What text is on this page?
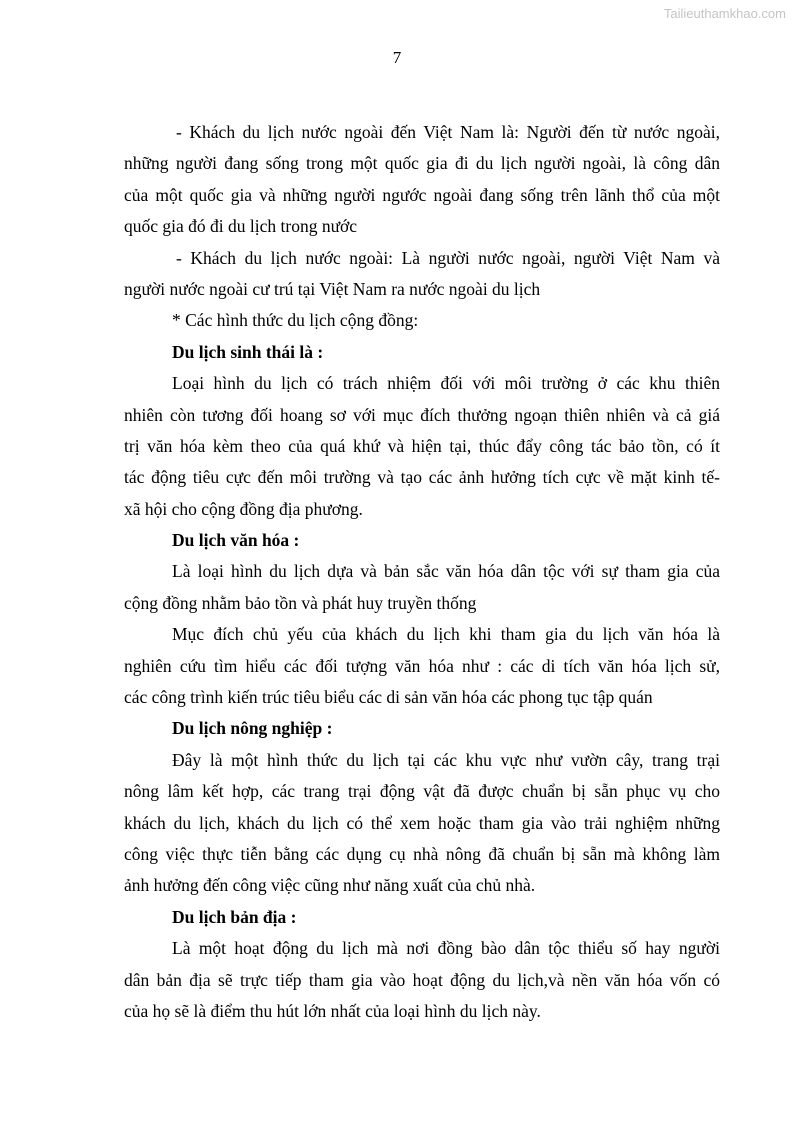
Tailieuthamkhao.com
7
- Khách du lịch nước ngoài đến Việt Nam là: Người đến từ nước ngoài,
những người đang sống trong một quốc gia đi du lịch người ngoài, là công dân
của một quốc gia và những người ngước ngoài đang sống trên lãnh thổ của một
quốc gia đó đi du lịch trong nước
- Khách du lịch nước ngoài: Là người nước ngoài, người Việt Nam và
người nước ngoài cư trú tại Việt Nam ra nước ngoài du lịch
* Các hình thức du lịch cộng đồng:
Du lịch sinh thái là :
Loại hình du lịch có trách nhiệm đối với môi trường ở các khu thiên
nhiên còn tương đối hoang sơ với mục đích thưởng ngoạn thiên nhiên và cả giá
trị văn hóa kèm theo của quá khứ và hiện tại, thúc đẩy công tác bảo tồn, có ít
tác động tiêu cực đến môi trường và tạo các ảnh hưởng tích cực về mặt kinh tế-
xã hội cho cộng đồng địa phương.
Du lịch văn hóa :
Là loại hình du lịch dựa và bản sắc văn hóa dân tộc với sự tham gia của
cộng đồng nhằm bảo tồn và phát huy truyền thống
Mục đích chủ yếu của khách du lịch khi tham gia du lịch văn hóa là
nghiên cứu tìm hiểu các đối tượng văn hóa như : các di tích văn hóa lịch sử,
các công trình kiến trúc tiêu biểu các di sản văn hóa các phong tục tập quán
Du lịch nông nghiệp :
Đây là một hình thức du lịch tại các khu vực như vườn cây, trang trại
nông lâm kết hợp, các trang trại động vật đã được chuẩn bị sẵn phục vụ cho
khách du lịch, khách du lịch có thể xem hoặc tham gia vào trải nghiệm những
công việc thực tiễn bằng các dụng cụ nhà nông đã chuẩn bị sẵn mà không làm
ảnh hưởng đến công việc cũng như năng xuất của chủ nhà.
Du lịch bản địa :
Là một hoạt động du lịch mà nơi đồng bào dân tộc thiểu số hay người
dân bản địa sẽ trực tiếp tham gia vào hoạt động du lịch,và nền văn hóa vốn có
của họ sẽ là điểm thu hút lớn nhất của loại hình du lịch này.
